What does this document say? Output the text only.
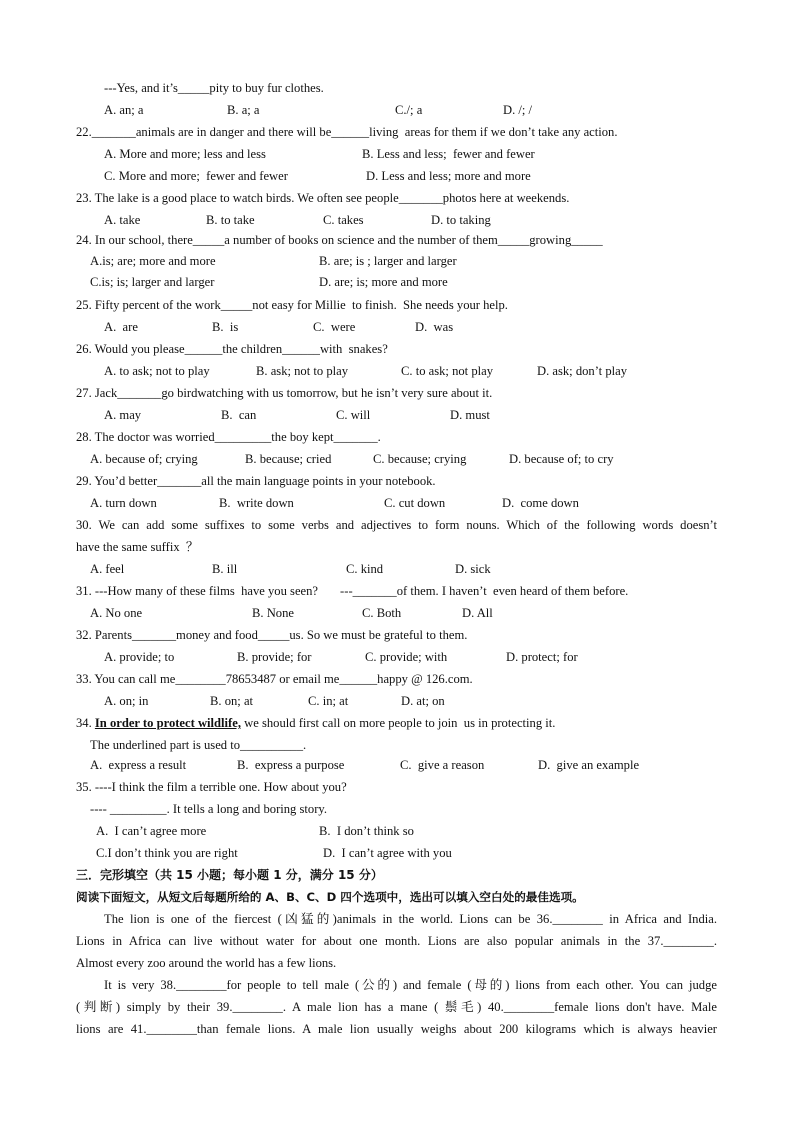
---Yes, and it’s_____pity to buy fur clothes.
A. an; a	B. a; a	C./; a	D. /; /
22._______animals are in danger and there will be______living  areas for them if we don’t take any action.
A. More and more; less and less	B. Less and less;  fewer and fewer
C. More and more;  fewer and fewer	D. Less and less; more and more
23. The lake is a good place to watch birds. We often see people_______photos here at weekends.
A. take	B. to take	C. takes	D. to taking
24. In our school, there_____a number of books on science and the number of them_____growing_____
A.is; are; more and more	B. are; is ; larger and larger
C.is; is; larger and larger	D. are; is; more and more
25. Fifty percent of the work_____not easy for Millie  to finish.  She needs your help.
A.  are	B.  is	C.  were	D.  was
26. Would you please______the children______with  snakes?
A. to ask; not to play	B. ask; not to play	C. to ask; not play	D. ask; don’t play
27. Jack_______go birdwatching with us tomorrow, but he isn’t very sure about it.
A. may	B.  can	C. will	D. must
28. The doctor was worried_________the boy kept_______.
A. because of; crying	B. because; cried	C. because; crying	D. because of; to cry
29. You’d better_______all the main language points in your notebook.
A. turn down	B.  write down	C. cut down	D.  come down
30. We can add some suffixes to some verbs and adjectives to form nouns. Which of the following words doesn’t
have the same suffix  ？
A. feel	B. ill	C. kind	D. sick
31. ---How many of these films  have you seen?       ---_______of them. I haven’t  even heard of them before.
A. No one	B. None	C. Both	D. All
32. Parents_______money and food_____us. So we must be grateful to them.
A. provide; to	B. provide; for	C. provide; with	D. protect; for
33. You can call me________78653487 or email me______happy @ 126.com.
A. on; in	B. on; at	C. in; at	D. at; on
34. In order to protect wildlife, we should first call on more people to join  us in protecting it.
The underlined part is used to__________.
A.  express a result	B.  express a purpose	C.  give a reason	D.  give an example
35. ----I think the film a terrible one. How about you?
---- _________. It tells a long and boring story.
A.  I can’t agree more	B.  I don’t think so
C.I don’t think you are right	D.  I can’t agree with you
三．完形填空（共 15 小题；每小题 1 分，满分 15 分）
阅读下面短文，从短文后每题所给的 A、B、C、D 四个选项中，选出可以填入空白处的最佳选项。
The lion is one of the fiercest (凶猛的)animals in the world. Lions can be 36.________ in Africa and India.
Lions in Africa can live without water for about one month. Lions are also popular animals in the 37.________.
Almost every zoo around the world has a few lions.
It is very 38.________for people to tell male (公的) and female (母的) lions from each other. You can judge
(判断) simply by their 39.________. A male lion has a mane ( 鬃毛) 40.________female lions don't have. Male
lions are 41.________than female lions. A male lion usually weighs about 200 kilograms which is always heavier
